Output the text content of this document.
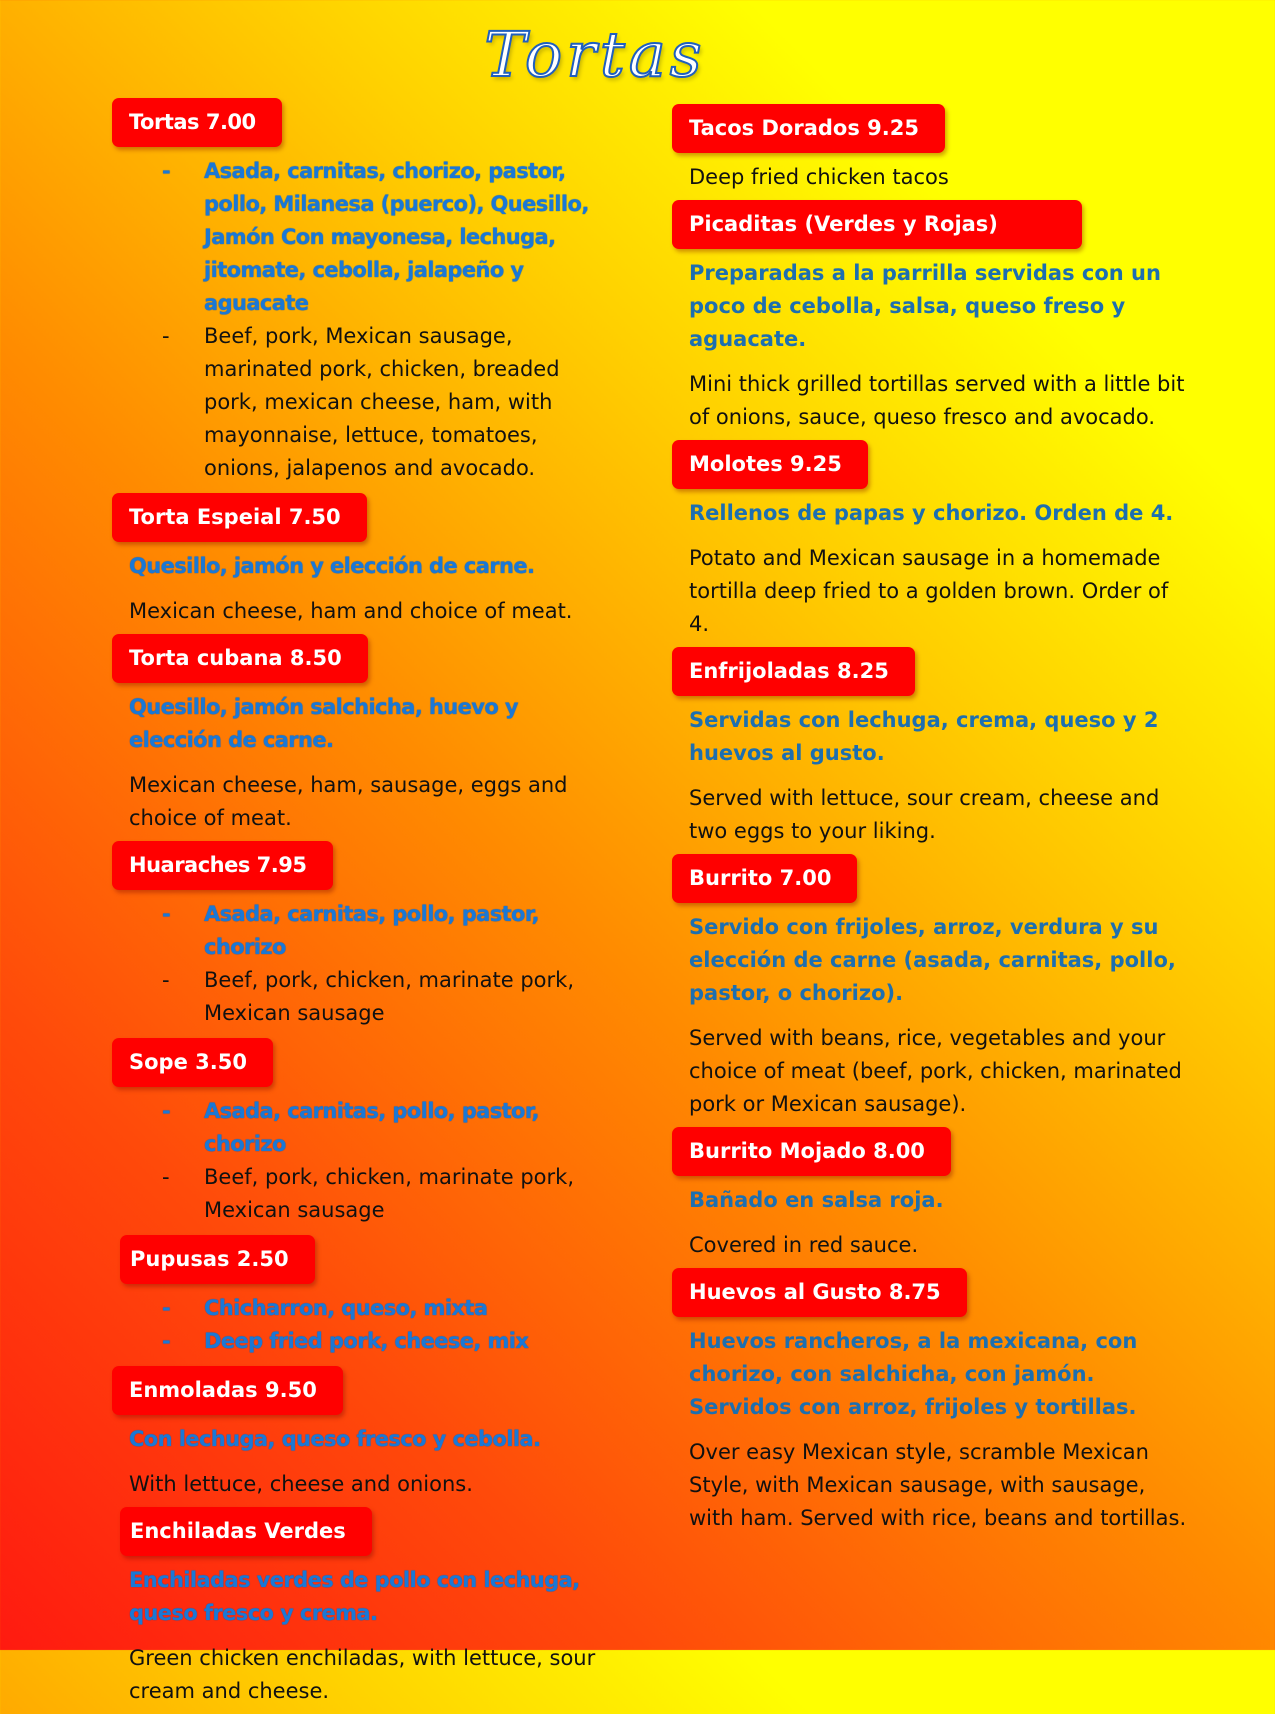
Tortas
Tortas 7.00
- Asada, carnitas, chorizo, pastor, pollo, Milanesa (puerco), Quesillo, Jamón Con mayonesa, lechuga, jitomate, cebolla, jalapeño y aguacate
- Beef, pork, Mexican sausage, marinated pork, chicken, breaded pork, mexican cheese, ham, with mayonnaise, lettuce, tomatoes, onions, jalapenos and avocado.
Torta Espeial 7.50
Quesillo, jamón y elección de carne.
Mexican cheese, ham and choice of meat.
Torta cubana 8.50
Quesillo, jamón salchicha, huevo y elección de carne.
Mexican cheese, ham, sausage, eggs and choice of meat.
Huaraches 7.95
- Asada, carnitas, pollo, pastor, chorizo
- Beef, pork, chicken, marinate pork, Mexican sausage
Sope 3.50
- Asada, carnitas, pollo, pastor, chorizo
- Beef, pork, chicken, marinate pork, Mexican sausage
Pupusas 2.50
- Chicharron, queso, mixta
- Deep fried pork, cheese, mix
Enmoladas 9.50
Con lechuga, queso fresco y cebolla.
With lettuce, cheese and onions.
Enchiladas Verdes
Enchiladas verdes de pollo con lechuga, queso fresco y crema.
Green chicken enchiladas, with lettuce, sour cream and cheese.
Tacos Dorados 9.25
Deep fried chicken tacos
Picaditas (Verdes y Rojas)
Preparadas a la parrilla servidas con un poco de cebolla, salsa, queso freso y aguacate.
Mini thick grilled tortillas served with a little bit of onions, sauce, queso fresco and avocado.
Molotes 9.25
Rellenos de papas y chorizo. Orden de 4.
Potato and Mexican sausage in a homemade tortilla deep fried to a golden brown. Order of 4.
Enfrijoladas 8.25
Servidas con lechuga, crema, queso y 2 huevos al gusto.
Served with lettuce, sour cream, cheese and two eggs to your liking.
Burrito 7.00
Servido con frijoles, arroz, verdura y su elección de carne (asada, carnitas, pollo, pastor, o chorizo).
Served with beans, rice, vegetables and your choice of meat (beef, pork, chicken, marinated pork or Mexican sausage).
Burrito Mojado 8.00
Bañado en salsa roja.
Covered in red sauce.
Huevos al Gusto 8.75
Huevos rancheros, a la mexicana, con chorizo, con salchicha, con jamón. Servidos con arroz, frijoles y tortillas.
Over easy Mexican style, scramble Mexican Style, with Mexican sausage, with sausage, with ham. Served with rice, beans and tortillas.
